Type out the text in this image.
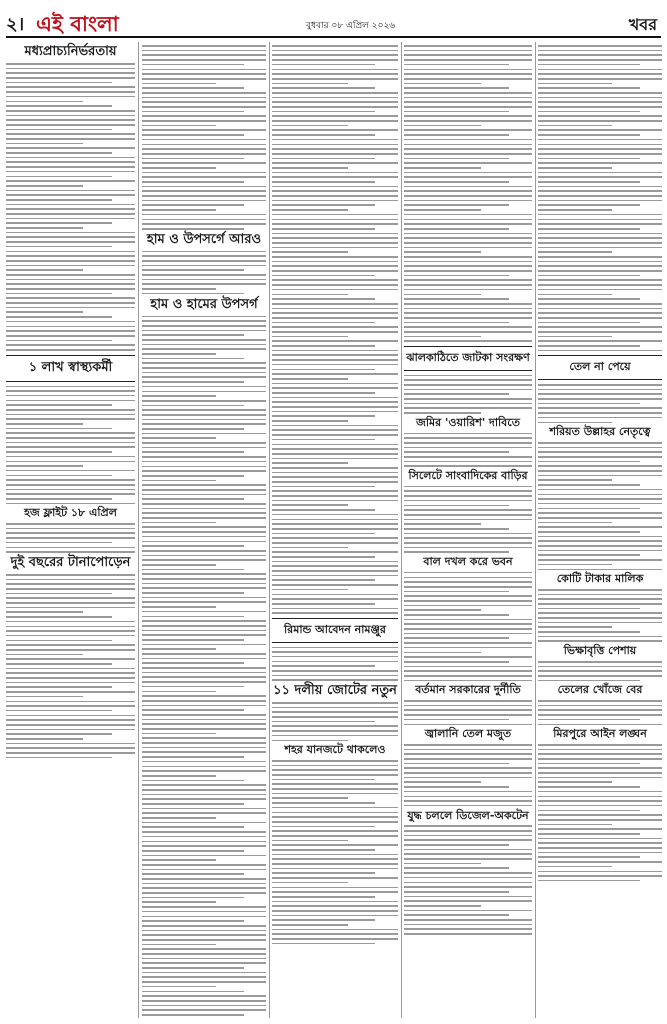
২। এই বাংলা	বুধবার ০৮ এপ্রিল ২০২৬	খবর
মধ্যপ্রাচ্যনির্ভরতায়
১ লাখ স্বাস্থ্যকর্মী
হজ ফ্লাইট ১৮ এপ্রিল
দুই বছরের টানাপোড়েন
হাম ও উপসর্গে আরও
হাম ও হামের উপসর্গ
রিমান্ড আবেদন নামঞ্জুর
১১ দলীয় জোটের নতুন
শহর যানজটে থাকলেও
ঝালকাঠিতে জাটকা সংরক্ষণ
জমির 'ওয়ারিশ' দাবিতে
সিলেটে সাংবাদিকের বাড়ির
বাল দখল করে ভবন
বর্তমান সরকারের দুর্নীতি
জ্বালানি তেল মজুত
যুদ্ধ চললে ডিজেল-অকটেন
তেল না পেয়ে
শরিয়ত উল্লাহর নেতৃত্বে
কোটি টাকার মালিক
ভিক্ষাবৃত্তি পেশায়
তেলের খোঁজে বের
মিরপুরে আইন লঙ্ঘন
